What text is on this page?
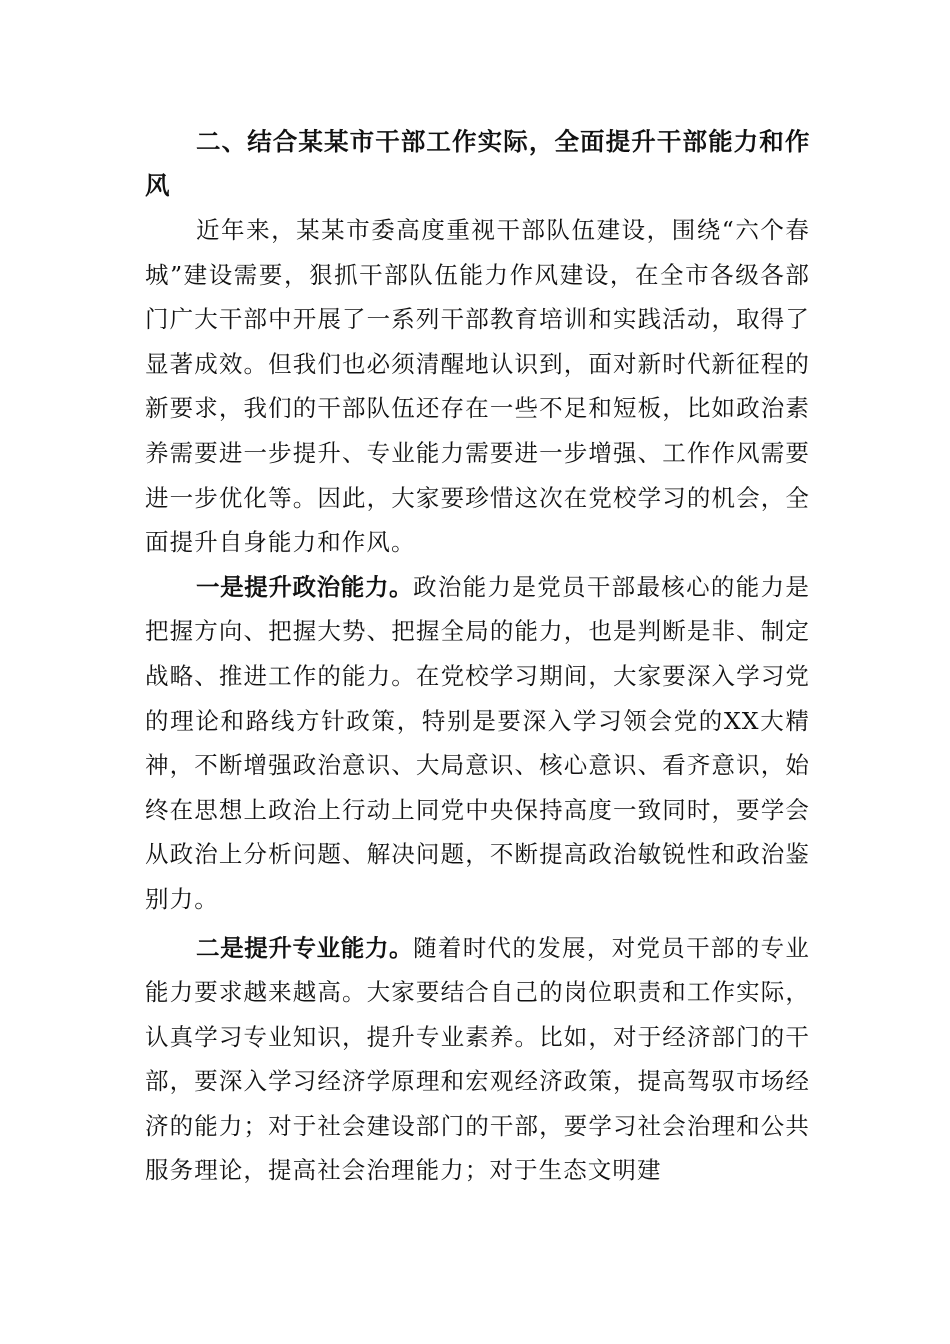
二、结合某某市干部工作实际，全面提升干部能力和作风

近年来，某某市委高度重视干部队伍建设，围绕“六个春城”建设需要，狠抓干部队伍能力作风建设，在全市各级各部门广大干部中开展了一系列干部教育培训和实践活动，取得了显著成效。但我们也必须清醒地认识到，面对新时代新征程的新要求，我们的干部队伍还存在一些不足和短板，比如政治素养需要进一步提升、专业能力需要进一步增强、工作作风需要进一步优化等。因此，大家要珍惜这次在党校学习的机会，全面提升自身能力和作风。

一是提升政治能力。政治能力是党员干部最核心的能力是把握方向、把握大势、把握全局的能力，也是判断是非、制定战略、推进工作的能力。在党校学习期间，大家要深入学习党的理论和路线方针政策，特别是要深入学习领会党的XX大精神，不断增强政治意识、大局意识、核心意识、看齐意识，始终在思想上政治上行动上同党中央保持高度一致同时，要学会从政治上分析问题、解决问题，不断提高政治敏锐性和政治鉴别力。

二是提升专业能力。随着时代的发展，对党员干部的专业能力要求越来越高。大家要结合自己的岗位职责和工作实际，认真学习专业知识，提升专业素养。比如，对于经济部门的干部，要深入学习经济学原理和宏观经济政策，提高驾驭市场经济的能力；对于社会建设部门的干部，要学习社会治理和公共服务理论，提高社会治理能力；对于生态文明建
